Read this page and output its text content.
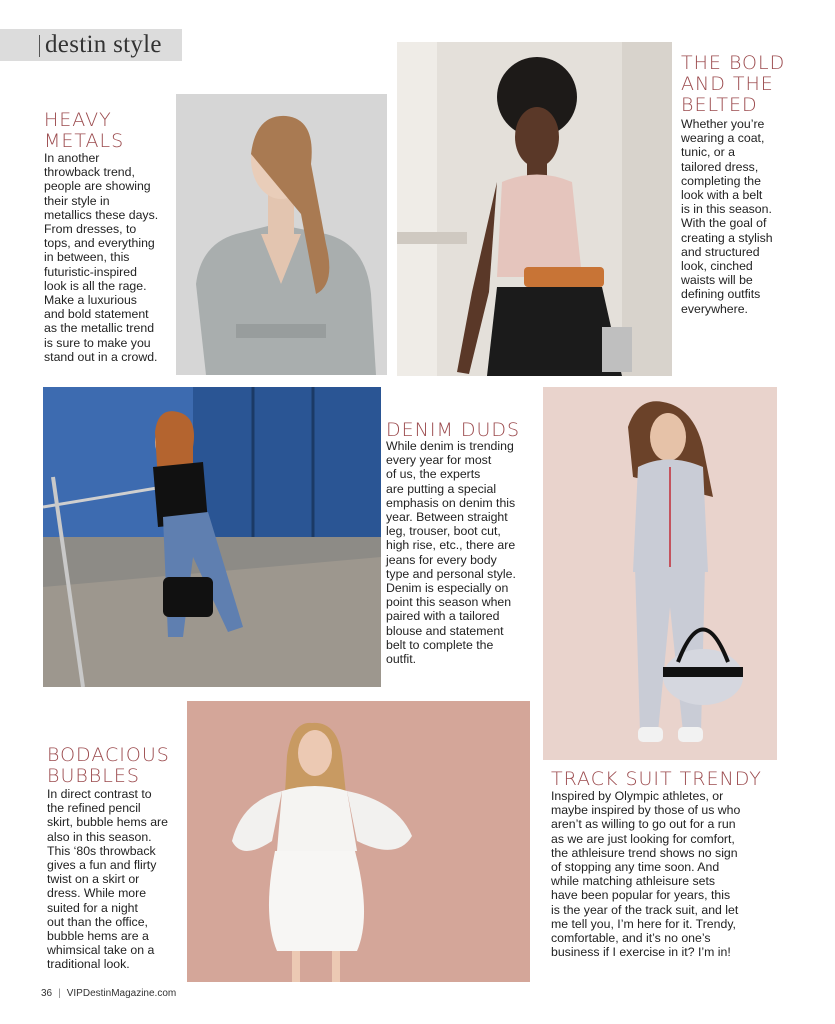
destin style
HEAVY
METALS
In another
throwback trend,
people are showing
their style in
metallics these days.
From dresses, to
tops, and everything
in between, this
futuristic-inspired
look is all the rage.
Make a luxurious
and bold statement
as the metallic trend
is sure to make you
stand out in a crowd.
THE BOLD
AND THE
BELTED
Whether you’re
wearing a coat,
tunic, or a
tailored dress,
completing the
look with a belt
is in this season.
With the goal of
creating a stylish
and structured
look, cinched
waists will be
defining outfits
everywhere.
DENIM DUDS
While denim is trending
every year for most
of us, the experts
are putting a special
emphasis on denim this
year. Between straight
leg, trouser, boot cut,
high rise, etc., there are
jeans for every body
type and personal style.
Denim is especially on
point this season when
paired with a tailored
blouse and statement
belt to complete the
outfit.
BODACIOUS
BUBBLES
In direct contrast to
the refined pencil
skirt, bubble hems are
also in this season.
This ‘80s throwback
gives a fun and flirty
twist on a skirt or
dress. While more
suited for a night
out than the office,
bubble hems are a
whimsical take on a
traditional look.
TRACK SUIT TRENDY
Inspired by Olympic athletes, or
maybe inspired by those of us who
aren’t as willing to go out for a run
as we are just looking for comfort,
the athleisure trend shows no sign
of stopping any time soon. And
while matching athleisure sets
have been popular for years, this
is the year of the track suit, and let
me tell you, I’m here for it. Trendy,
comfortable, and it’s no one’s
business if I exercise in it? I’m in!
36 | VIPDestinMagazine.com
